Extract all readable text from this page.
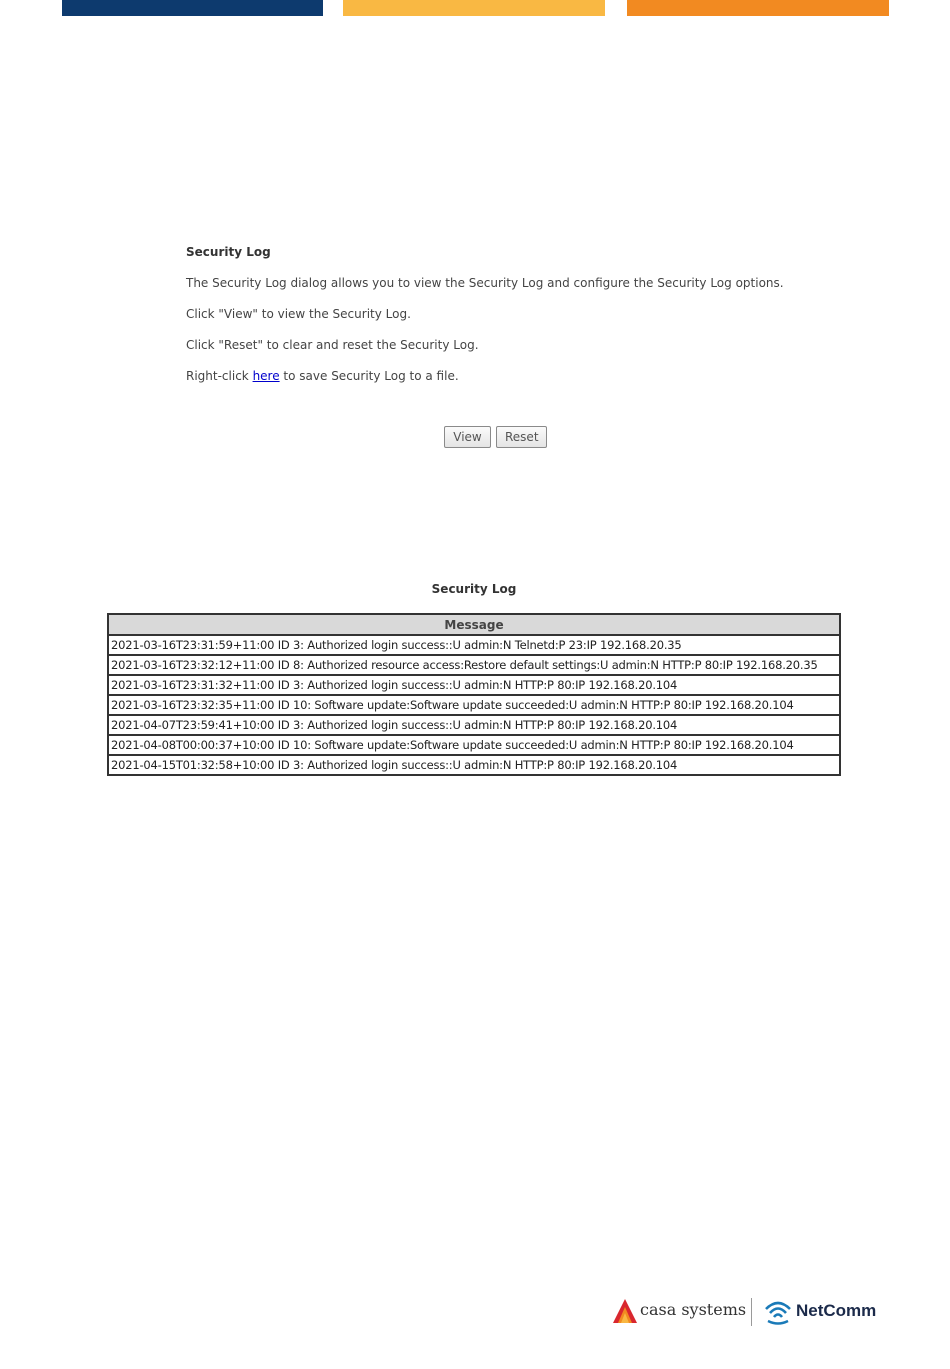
Security Log

The Security Log dialog allows you to view the Security Log and configure the Security Log options.

Click "View" to view the Security Log.

Click "Reset" to clear and reset the Security Log.

Right-click here to save Security Log to a file.

View	Reset
Security Log
Message
2021-03-16T23:31:59+11:00 ID 3: Authorized login success::U admin:N Telnetd:P 23:IP 192.168.20.35
2021-03-16T23:32:12+11:00 ID 8: Authorized resource access:Restore default settings:U admin:N HTTP:P 80:IP 192.168.20.35
2021-03-16T23:31:32+11:00 ID 3: Authorized login success::U admin:N HTTP:P 80:IP 192.168.20.104
2021-03-16T23:32:35+11:00 ID 10: Software update:Software update succeeded:U admin:N HTTP:P 80:IP 192.168.20.104
2021-04-07T23:59:41+10:00 ID 3: Authorized login success::U admin:N HTTP:P 80:IP 192.168.20.104
2021-04-08T00:00:37+10:00 ID 10: Software update:Software update succeeded:U admin:N HTTP:P 80:IP 192.168.20.104
2021-04-15T01:32:58+10:00 ID 3: Authorized login success::U admin:N HTTP:P 80:IP 192.168.20.104
casa systems	NetComm
